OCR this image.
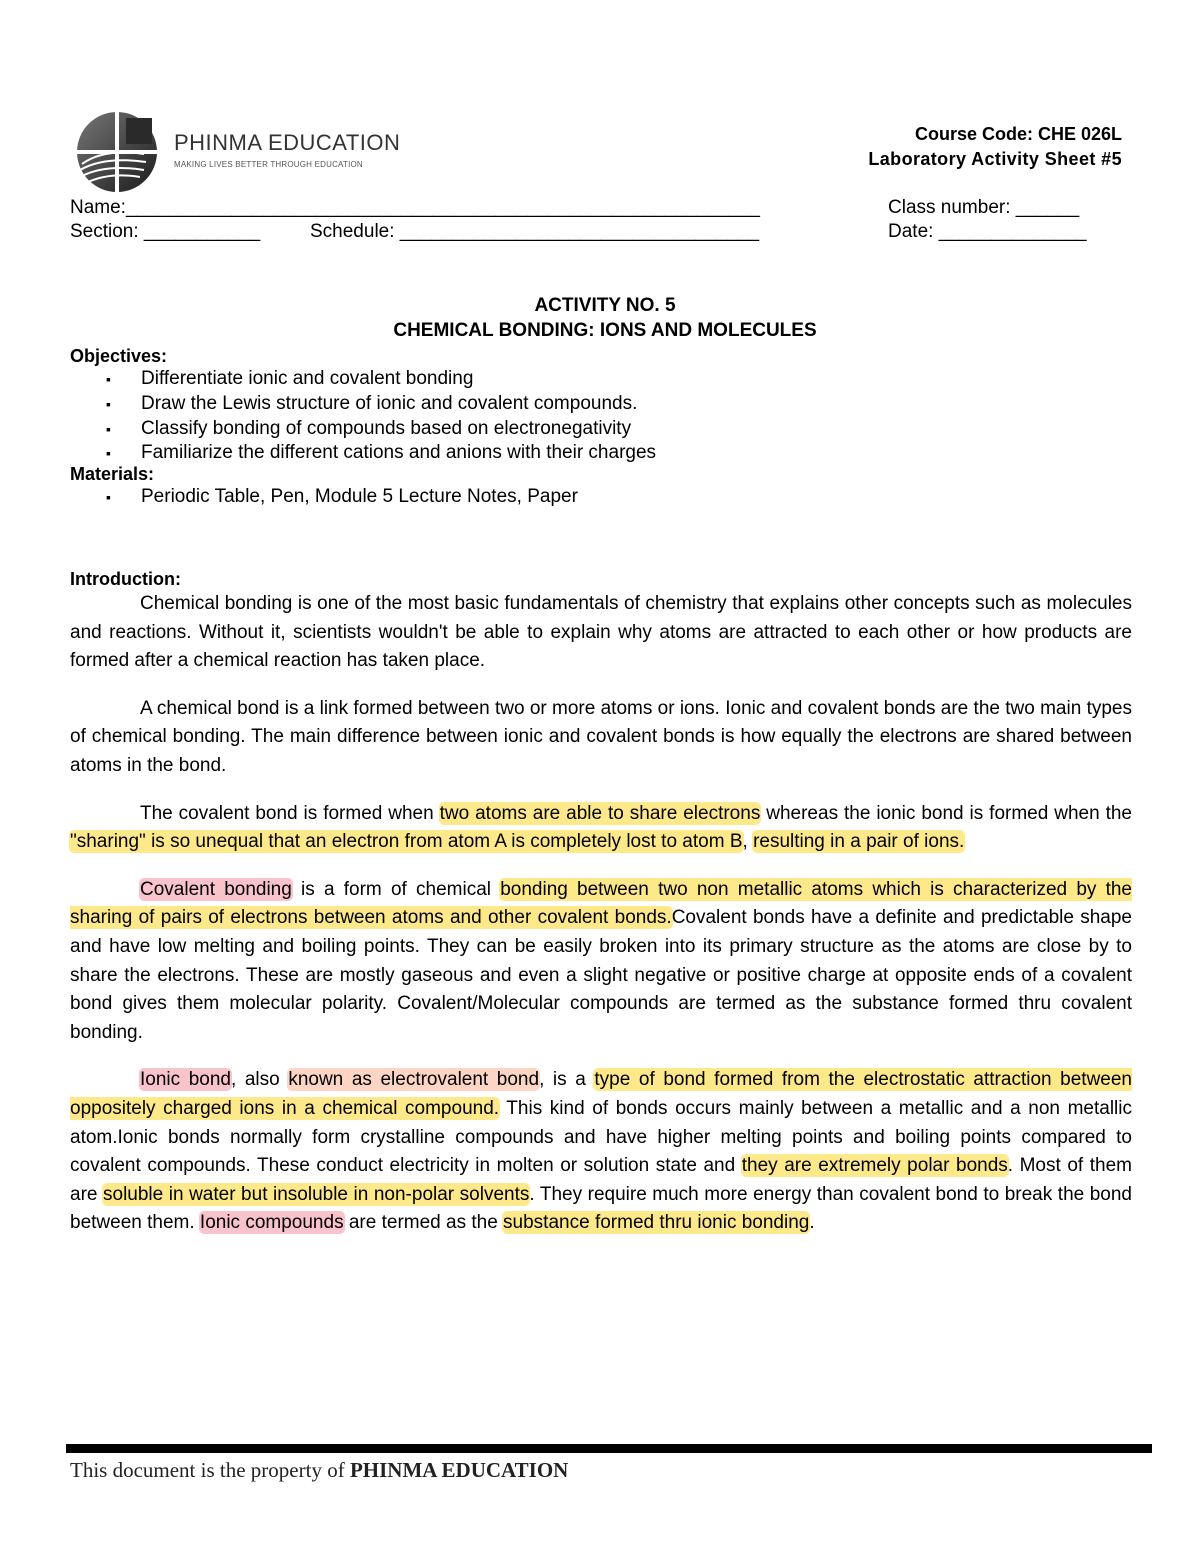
PHINMA EDUCATION
MAKING LIVES BETTER THROUGH EDUCATION
Course Code: CHE 026L
Laboratory Activity Sheet #5
Name:____________________________________________________________	Class number: ______
Section: ___________	Schedule: __________________________________	Date: ______________
ACTIVITY NO. 5
CHEMICAL BONDING: IONS AND MOLECULES

Objectives:

▪ Differentiate ionic and covalent bonding
▪ Draw the Lewis structure of ionic and covalent compounds.
▪ Classify bonding of compounds based on electronegativity
▪ Familiarize the different cations and anions with their charges

Materials:

▪ Periodic Table, Pen, Module 5 Lecture Notes, Paper

Introduction:

Chemical bonding is one of the most basic fundamentals of chemistry that explains other concepts such as molecules and reactions. Without it, scientists wouldn't be able to explain why atoms are attracted to each other or how products are formed after a chemical reaction has taken place.

A chemical bond is a link formed between two or more atoms or ions. Ionic and covalent bonds are the two main types of chemical bonding. The main difference between ionic and covalent bonds is how equally the electrons are shared between atoms in the bond.

The covalent bond is formed when two atoms are able to share electrons whereas the ionic bond is formed when the "sharing" is so unequal that an electron from atom A is completely lost to atom B, resulting in a pair of ions.

Covalent bonding is a form of chemical bonding between two non metallic atoms which is characterized by the sharing of pairs of electrons between atoms and other covalent bonds.Covalent bonds have a definite and predictable shape and have low melting and boiling points. They can be easily broken into its primary structure as the atoms are close by to share the electrons. These are mostly gaseous and even a slight negative or positive charge at opposite ends of a covalent bond gives them molecular polarity. Covalent/Molecular compounds are termed as the substance formed thru covalent bonding.

Ionic bond, also known as electrovalent bond, is a type of bond formed from the electrostatic attraction between oppositely charged ions in a chemical compound. This kind of bonds occurs mainly between a metallic and a non metallic atom.Ionic bonds normally form crystalline compounds and have higher melting points and boiling points compared to covalent compounds. These conduct electricity in molten or solution state and they are extremely polar bonds. Most of them are soluble in water but insoluble in non-polar solvents. They require much more energy than covalent bond to break the bond between them. Ionic compounds are termed as the substance formed thru ionic bonding.

This document is the property of PHINMA EDUCATION
